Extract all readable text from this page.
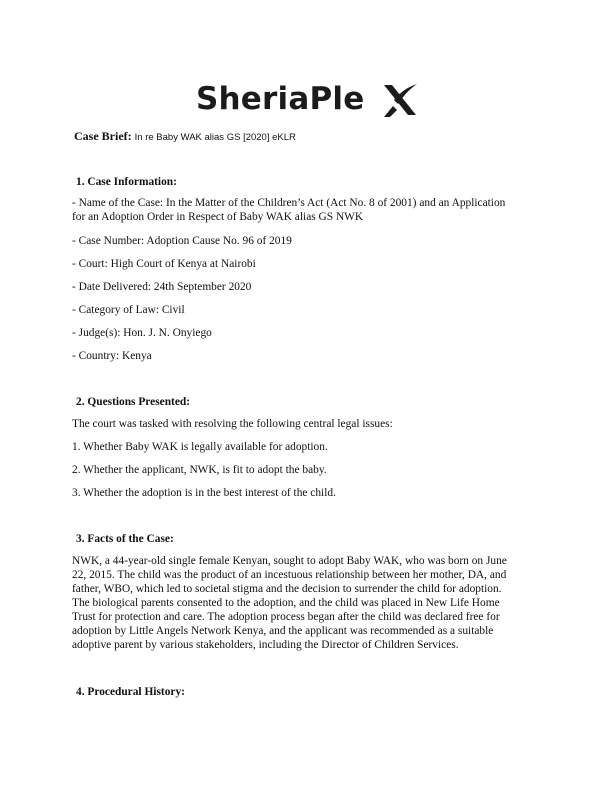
SheriaPle
Case Brief: In re Baby WAK alias GS [2020] eKLR
1. Case Information:
- Name of the Case: In the Matter of the Children’s Act (Act No. 8 of 2001) and an Application
for an Adoption Order in Respect of Baby WAK alias GS NWK
- Case Number: Adoption Cause No. 96 of 2019
- Court: High Court of Kenya at Nairobi
- Date Delivered: 24th September 2020
- Category of Law: Civil
- Judge(s): Hon. J. N. Onyiego
- Country: Kenya
2. Questions Presented:
The court was tasked with resolving the following central legal issues:
1. Whether Baby WAK is legally available for adoption.
2. Whether the applicant, NWK, is fit to adopt the baby.
3. Whether the adoption is in the best interest of the child.
3. Facts of the Case:
NWK, a 44-year-old single female Kenyan, sought to adopt Baby WAK, who was born on June
22, 2015. The child was the product of an incestuous relationship between her mother, DA, and
father, WBO, which led to societal stigma and the decision to surrender the child for adoption.
The biological parents consented to the adoption, and the child was placed in New Life Home
Trust for protection and care. The adoption process began after the child was declared free for
adoption by Little Angels Network Kenya, and the applicant was recommended as a suitable
adoptive parent by various stakeholders, including the Director of Children Services.
4. Procedural History:
